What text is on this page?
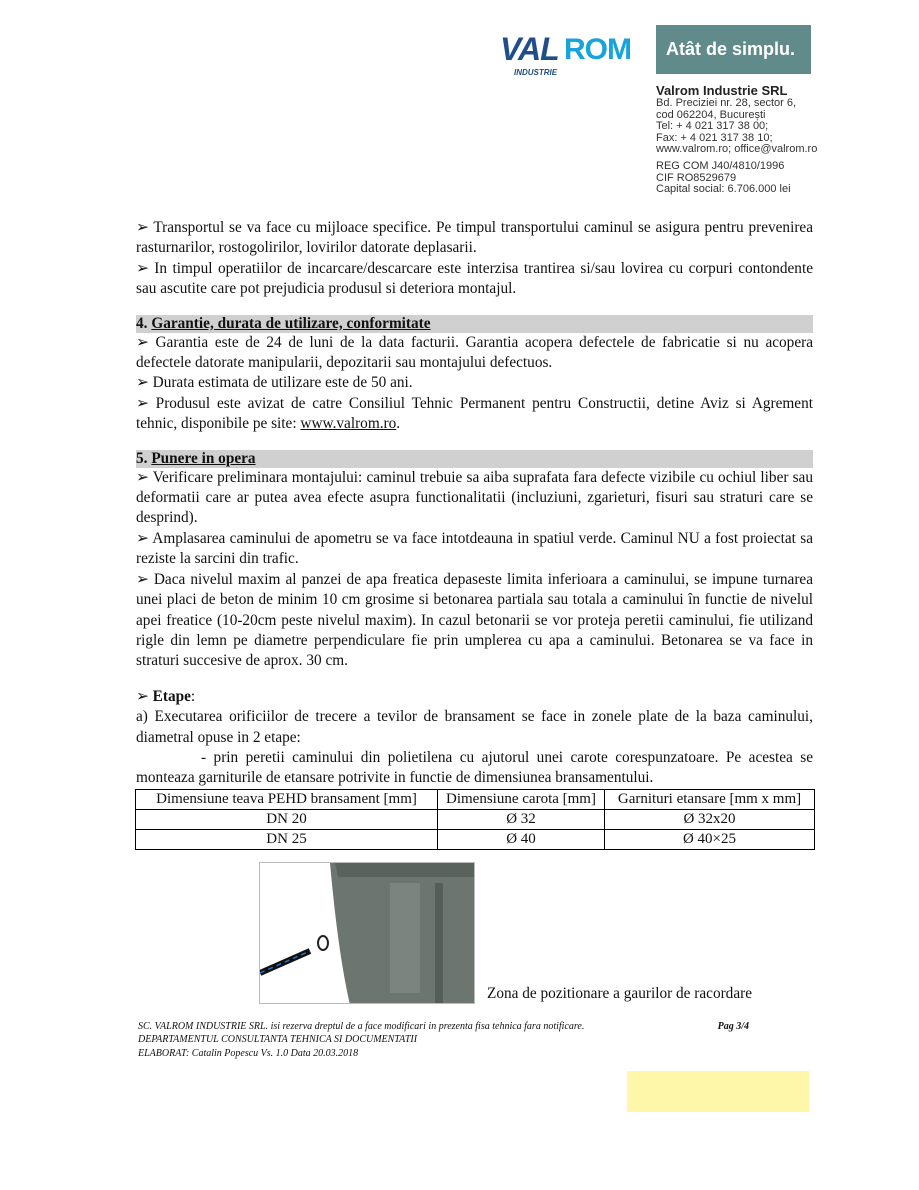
VAL ROM
INDUSTRIE
Atât de simplu.
Valrom Industrie SRL
Bd. Preciziei nr. 28, sector 6,
cod 062204, București
Tel: + 4 021 317 38 00;
Fax: + 4 021 317 38 10;
www.valrom.ro; office@valrom.ro
REG COM J40/4810/1996
CIF RO8529679
Capital social: 6.706.000 lei

➢ Transportul se va face cu mijloace specifice. Pe timpul transportului caminul se asigura pentru prevenirea rasturnarilor, rostogolirilor, lovirilor datorate deplasarii.

➢ In timpul operatiilor de incarcare/descarcare este interzisa trantirea si/sau lovirea cu corpuri contondente sau ascutite care pot prejudicia produsul si deteriora montajul.

4. Garantie, durata de utilizare, conformitate

➢ Garantia este de 24 de luni de la data facturii. Garantia acopera defectele de fabricatie si nu acopera defectele datorate manipularii, depozitarii sau montajului defectuos.

➢ Durata estimata de utilizare este de 50 ani.

➢ Produsul este avizat de catre Consiliul Tehnic Permanent pentru Constructii, detine Aviz si Agrement tehnic, disponibile pe site: www.valrom.ro.

5. Punere in opera

➢ Verificare preliminara montajului: caminul trebuie sa aiba suprafata fara defecte vizibile cu ochiul liber sau deformatii care ar putea avea efecte asupra functionalitatii (incluziuni, zgarieturi, fisuri sau straturi care se desprind).

➢ Amplasarea caminului de apometru se va face intotdeauna in spatiul verde. Caminul NU a fost proiectat sa reziste la sarcini din trafic.

➢ Daca nivelul maxim al panzei de apa freatica depaseste limita inferioara a caminului, se impune turnarea unei placi de beton de minim 10 cm grosime si betonarea partiala sau totala a caminului în functie de nivelul apei freatice (10-20cm peste nivelul maxim). In cazul betonarii se vor proteja peretii caminului, fie utilizand rigle din lemn pe diametre perpendiculare fie prin umplerea cu apa a caminului. Betonarea se va face in straturi succesive de aprox. 30 cm.

➢ Etape:

a) Executarea orificiilor de trecere a tevilor de bransament se face in zonele plate de la baza caminului, diametral opuse in 2 etape:

- prin peretii caminului din polietilena cu ajutorul unei carote corespunzatoare. Pe acestea se monteaza garniturile de etansare potrivite in functie de dimensiunea bransamentului.

Dimensiune teava PEHD bransament [mm]	Dimensiune carota [mm]	Garnituri etansare [mm x mm]
DN 20	Ø 32	Ø 32x20
DN 25	Ø 40	Ø 40×25
Zona de pozitionare a gaurilor de racordare
SC. VALROM INDUSTRIE SRL. isi rezerva dreptul de a face modificari in prezenta fisa tehnica fara notificare.
DEPARTAMENTUL CONSULTANTA TEHNICA SI DOCUMENTATII
ELABORAT: Catalin Popescu Vs. 1.0 Data 20.03.2018
Pag 3/4
